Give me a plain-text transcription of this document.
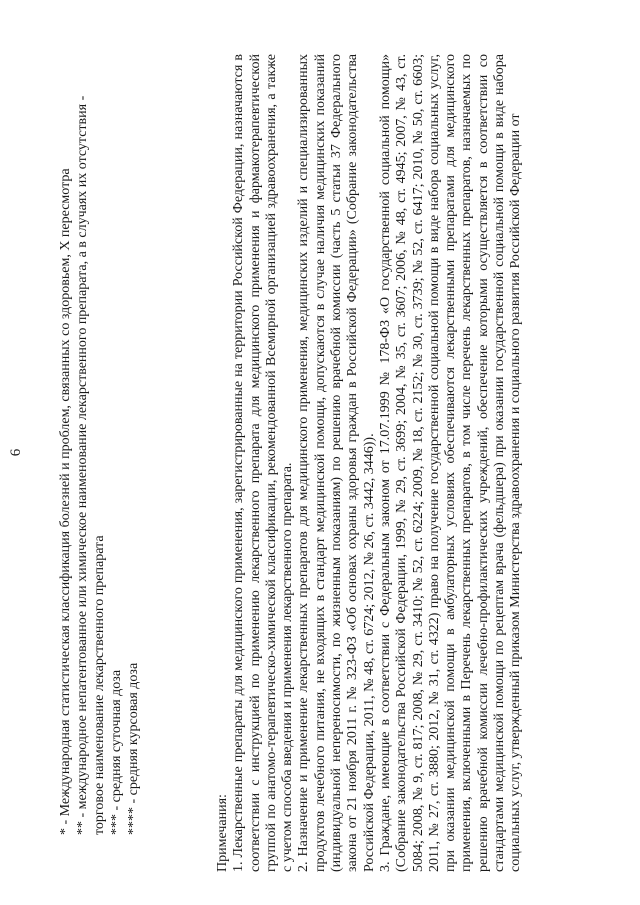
6 * - Международная статистическая классификация болезней и проблем, связанных со здоровьем, X пересмотра ** - международное непатентованное или химическое наименование лекарственного препарата, а в случаях их отсутствия - торговое наименование лекарственного препарата *** - средняя суточная доза **** - средняя курсовая доза	Примечания: 1. Лекарственные препараты для медицинского применения, зарегистрированные на территории Российской Федерации, назначаются в соответствии с инструкцией по применению лекарственного препарата для медицинского применения и фармакотерапевтической группой по анатомо-терапевтическо-химической классификации, рекомендованной Всемирной организацией здравоохранения, а также с учетом способа введения и применения лекарственного препарата. 2. Назначение и применение лекарственных препаратов для медицинского применения, медицинских изделий и специализированных продуктов лечебного питания, не входящих в стандарт медицинской помощи, допускаются в случае наличия медицинских показаний (индивидуальной непереносимости, по жизненным показаниям) по решению врачебной комиссии (часть 5 статьи 37 Федерального закона от 21 ноября 2011 г. № 323-ФЗ «Об основах охраны здоровья граждан в Российской Федерации» (Собрание законодательства Российской Федерации, 2011, № 48, ст. 6724; 2012, № 26, ст. 3442, 3446)). 3. Граждане, имеющие в соответствии с Федеральным законом от 17.07.1999 № 178-ФЗ «О государственной социальной помощи» (Собрание законодательства Российской Федерации, 1999, № 29, ст. 3699; 2004, № 35, ст. 3607; 2006, № 48, ст. 4945; 2007, № 43, ст. 5084; 2008, № 9, ст. 817; 2008, № 29, ст. 3410; № 52, ст. 6224; 2009, № 18, ст. 2152; № 30, ст. 3739; № 52, ст. 6417; 2010, № 50, ст. 6603; 2011, № 27, ст. 3880; 2012, № 31, ст. 4322) право на получение государственной социальной помощи в виде набора социальных услуг, при оказании медицинской помощи в амбулаторных условиях обеспечиваются лекарственными препаратами для медицинского применения, включенными в Перечень лекарственных препаратов, в том числе перечень лекарственных препаратов, назначаемых по решению врачебной комиссии лечебно-профилактических учреждений, обеспечение которыми осуществляется в соответствии со стандартами медицинской помощи по рецептам врача (фельдшера) при оказании государственной социальной помощи в виде набора социальных услуг, утвержденный приказом Министерства здравоохранения и социального развития Российской Федерации от
